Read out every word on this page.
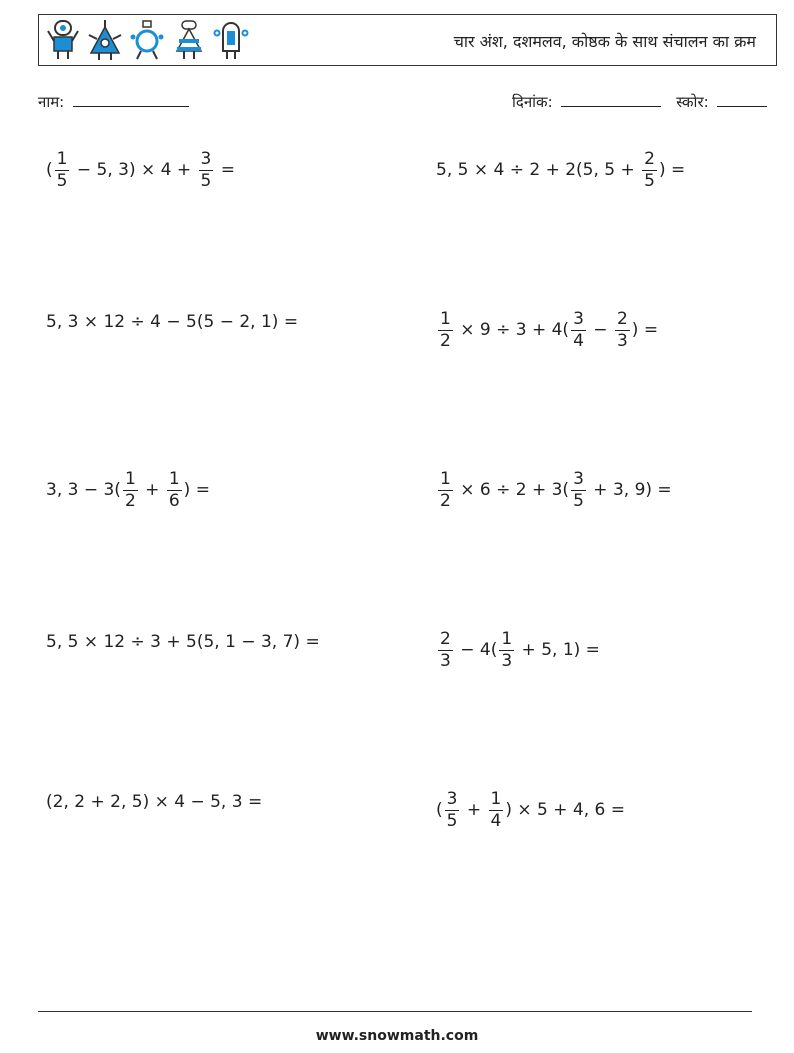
चार अंश, दशमलव, कोष्ठक के साथ संचालन का क्रम
नाम:	दिनांक:	स्कोर:
( $\frac{1}{5} - 5$, $3) \times 4 + \frac{3}{5}$ =	5, 5 × 4 ÷ 2 + 2(5, $5 + \frac{2}{5}$ ) =
5, 3 × 12 ÷ 4 − 5(5 − 2, 1) =	$\frac{1}{2} \times 9 \div 3 + 4( \frac{3}{4} - \frac{2}{3}$ ) =
3, $3 - 3( \frac{1}{2} + \frac{1}{6}$ ) =	$\frac{1}{2} \times 6 \div 2 + 3( \frac{3}{5} + 3$, 9) =
5, 5 × 12 ÷ 3 + 5(5, 1 − 3, 7) =	$\frac{2}{3} - 4( \frac{1}{3} + 5$, 1) =
(2, 2 + 2, 5) × 4 − 5, 3 =	( $\frac{3}{5} + \frac{1}{4}$ ) × 5 + 4, 6 =
www.snowmath.com
